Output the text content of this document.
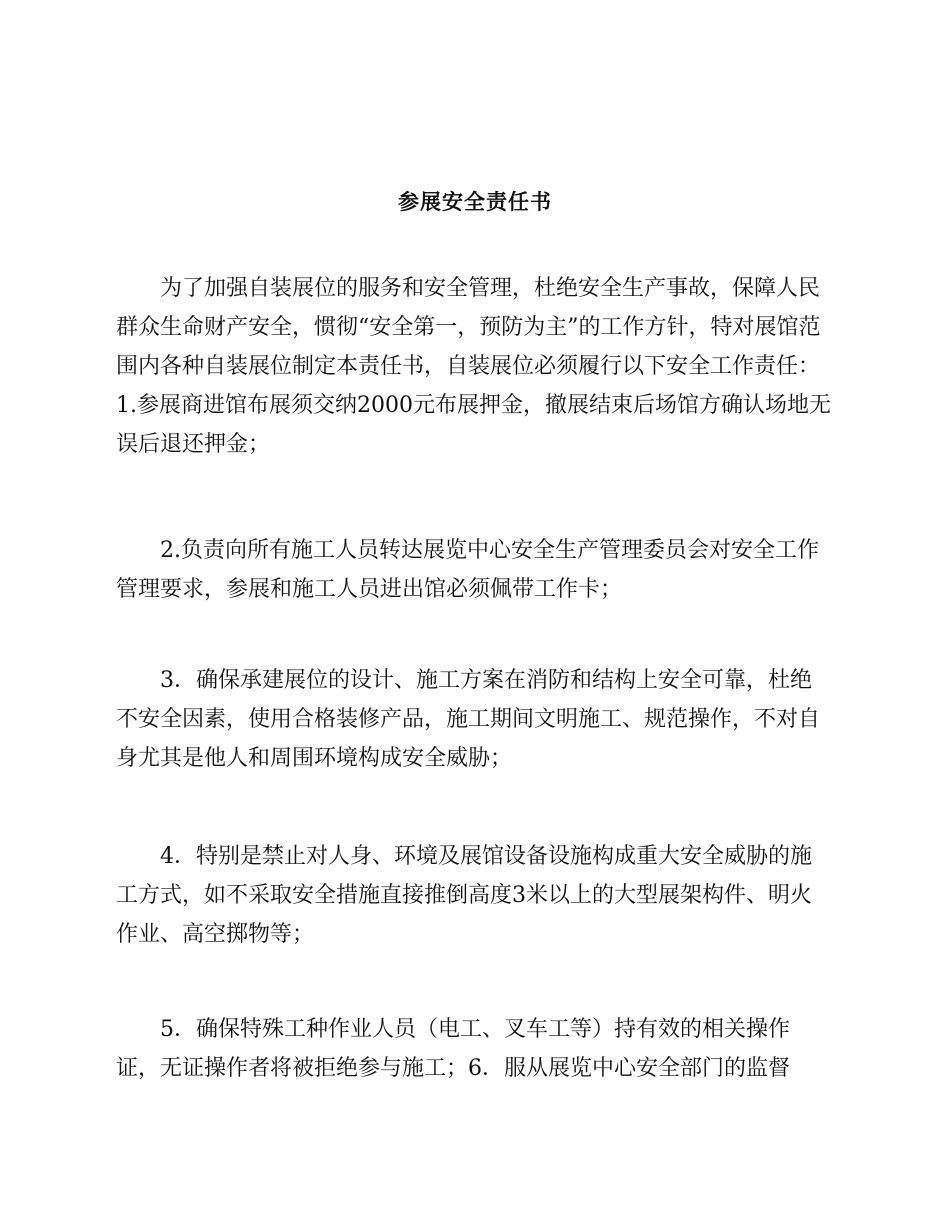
参展安全责任书

为了加强自装展位的服务和安全管理，杜绝安全生产事故，保障人民群众生命财产安全，惯彻“安全第一，预防为主”的工作方针，特对展馆范围内各种自装展位制定本责任书，自装展位必须履行以下安全工作责任：1.参展商进馆布展须交纳2000元布展押金，撤展结束后场馆方确认场地无误后退还押金；

2.负责向所有施工人员转达展览中心安全生产管理委员会对安全工作管理要求，参展和施工人员进出馆必须佩带工作卡；

3．确保承建展位的设计、施工方案在消防和结构上安全可靠，杜绝不安全因素，使用合格装修产品，施工期间文明施工、规范操作，不对自身尤其是他人和周围环境构成安全威胁；

4．特别是禁止对人身、环境及展馆设备设施构成重大安全威胁的施工方式，如不采取安全措施直接推倒高度3米以上的大型展架构件、明火作业、高空掷物等；

5．确保特殊工种作业人员（电工、叉车工等）持有效的相关操作证，无证操作者将被拒绝参与施工；6．服从展览中心安全部门的监督
